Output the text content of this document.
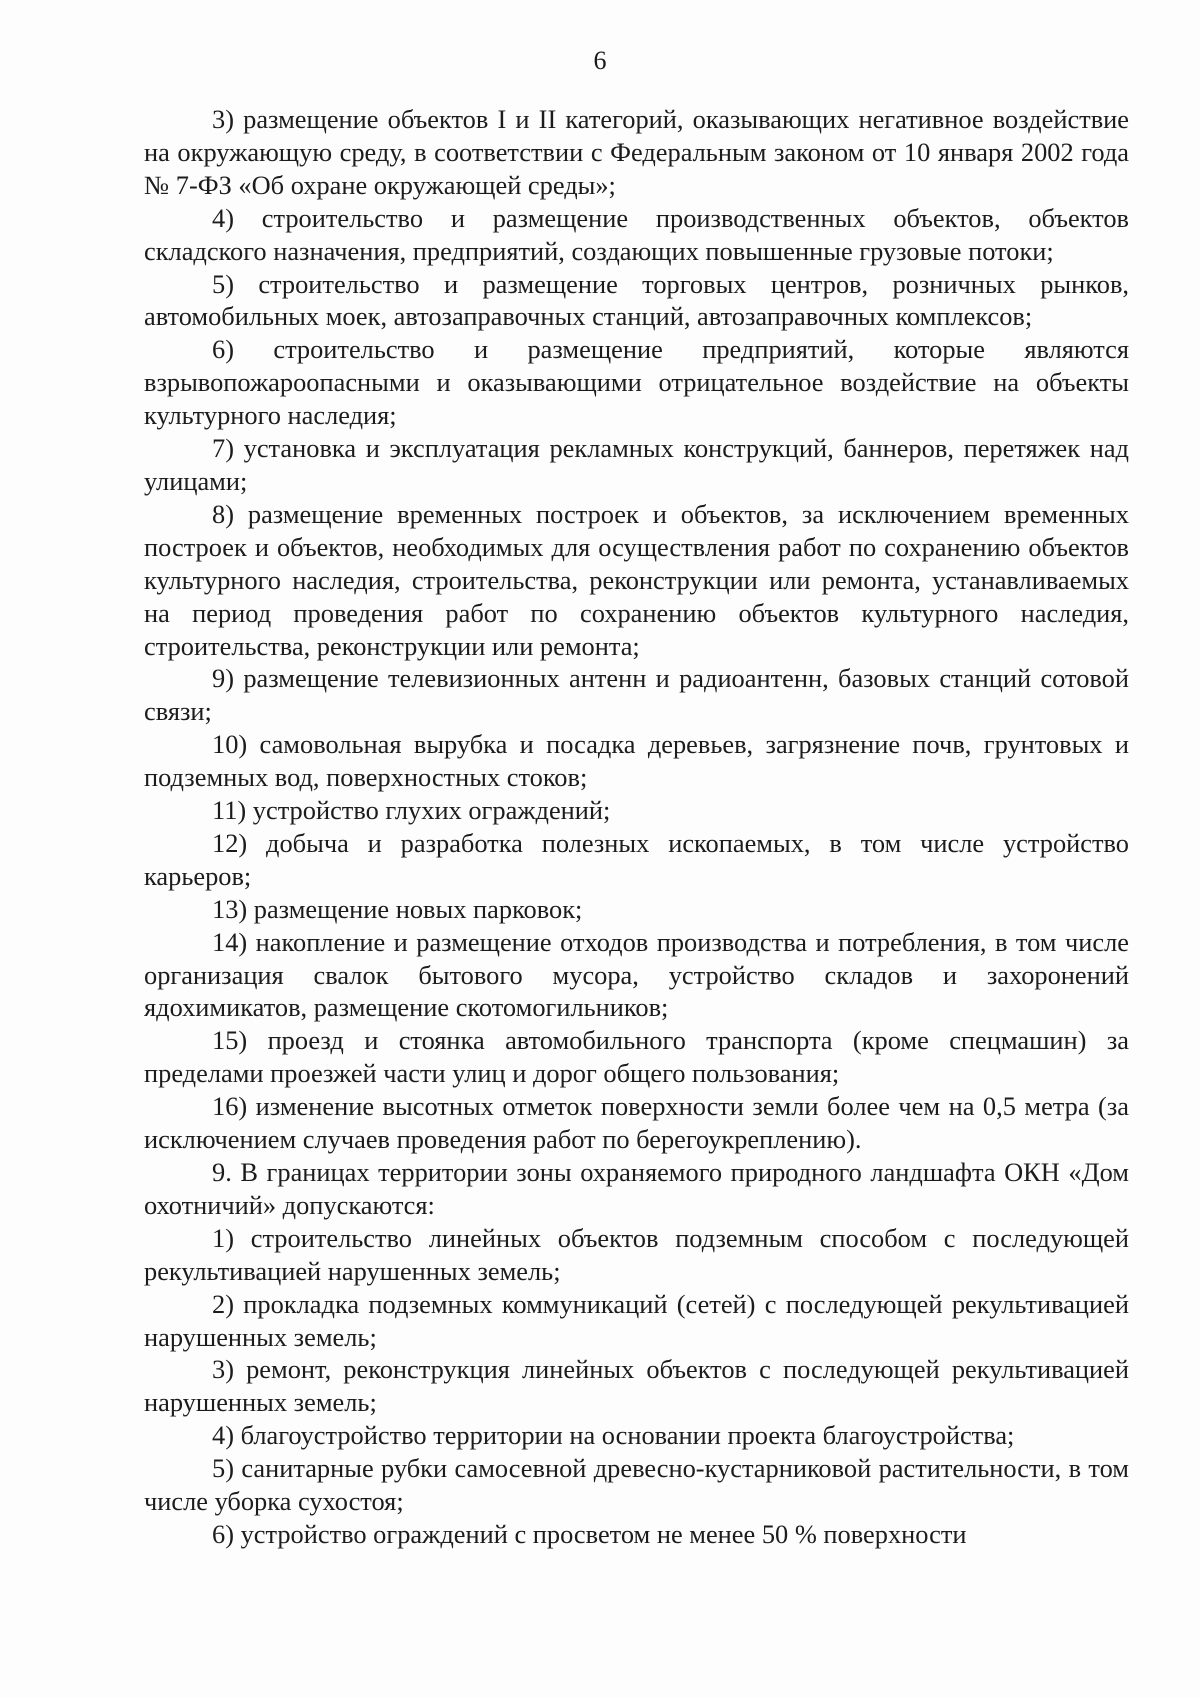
6

3) размещение объектов I и II категорий, оказывающих негативное воздействие на окружающую среду, в соответствии с Федеральным законом от 10 января 2002 года № 7-ФЗ «Об охране окружающей среды»;

4) строительство и размещение производственных объектов, объектов складского назначения, предприятий, создающих повышенные грузовые потоки;

5) строительство и размещение торговых центров, розничных рынков, автомобильных моек, автозаправочных станций, автозаправочных комплексов;

6) строительство и размещение предприятий, которые являются взрывопожароопасными и оказывающими отрицательное воздействие на объекты культурного наследия;

7) установка и эксплуатация рекламных конструкций, баннеров, перетяжек над улицами;

8) размещение временных построек и объектов, за исключением временных построек и объектов, необходимых для осуществления работ по сохранению объектов культурного наследия, строительства, реконструкции или ремонта, устанавливаемых на период проведения работ по сохранению объектов культурного наследия, строительства, реконструкции или ремонта;

9) размещение телевизионных антенн и радиоантенн, базовых станций сотовой связи;

10) самовольная вырубка и посадка деревьев, загрязнение почв, грунтовых и подземных вод, поверхностных стоков;

11) устройство глухих ограждений;

12) добыча и разработка полезных ископаемых, в том числе устройство карьеров;

13) размещение новых парковок;

14) накопление и размещение отходов производства и потребления, в том числе организация свалок бытового мусора, устройство складов и захоронений ядохимикатов, размещение скотомогильников;

15) проезд и стоянка автомобильного транспорта (кроме спецмашин) за пределами проезжей части улиц и дорог общего пользования;

16) изменение высотных отметок поверхности земли более чем на 0,5 метра (за исключением случаев проведения работ по берегоукреплению).

9. В границах территории зоны охраняемого природного ландшафта ОКН «Дом охотничий» допускаются:

1) строительство линейных объектов подземным способом с последующей рекультивацией нарушенных земель;

2) прокладка подземных коммуникаций (сетей) с последующей рекультивацией нарушенных земель;

3) ремонт, реконструкция линейных объектов с последующей рекультивацией нарушенных земель;

4) благоустройство территории на основании проекта благоустройства;

5) санитарные рубки самосевной древесно-кустарниковой растительности, в том числе уборка сухостоя;

6) устройство ограждений с просветом не менее 50 % поверхности
